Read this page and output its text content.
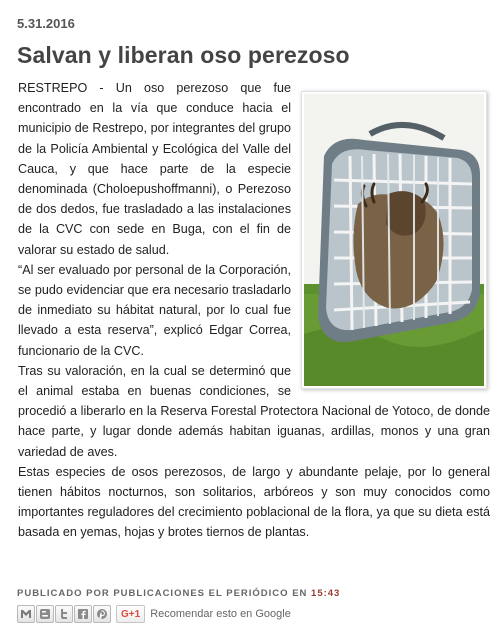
5.31.2016
Salvan y liberan oso perezoso

RESTREPO - Un oso perezoso que fue encontrado en la vía que conduce hacia el municipio de Restrepo, por integrantes del grupo de la Policía Ambiental y Ecológica del Valle del Cauca, y que hace parte de la especie denominada (Choloepushoffmanni), o Perezoso de dos dedos, fue trasladado a las instalaciones de la CVC con sede en Buga, con el fin de valorar su estado de salud.

“Al ser evaluado por personal de la Corporación, se pudo evidenciar que era necesario trasladarlo de inmediato su hábitat natural, por lo cual fue llevado a esta reserva”, explicó Edgar Correa, funcionario de la CVC.

Tras su valoración, en la cual se determinó que el animal estaba en buenas condiciones, se procedió a liberarlo en la Reserva Forestal Protectora Nacional de Yotoco, de donde hace parte, y lugar donde además habitan iguanas, ardillas, monos y una gran variedad de aves.

Estas especies de osos perezosos, de largo y abundante pelaje, por lo general tienen hábitos nocturnos, son solitarios, arbóreos y son muy conocidos como importantes reguladores del crecimiento poblacional de la flora, ya que su dieta está basada en yemas, hojas y brotes tiernos de plantas.

PUBLICADO POR PUBLICACIONES EL PERIÓDICO EN 15:43
G+1 Recomendar esto en Google
